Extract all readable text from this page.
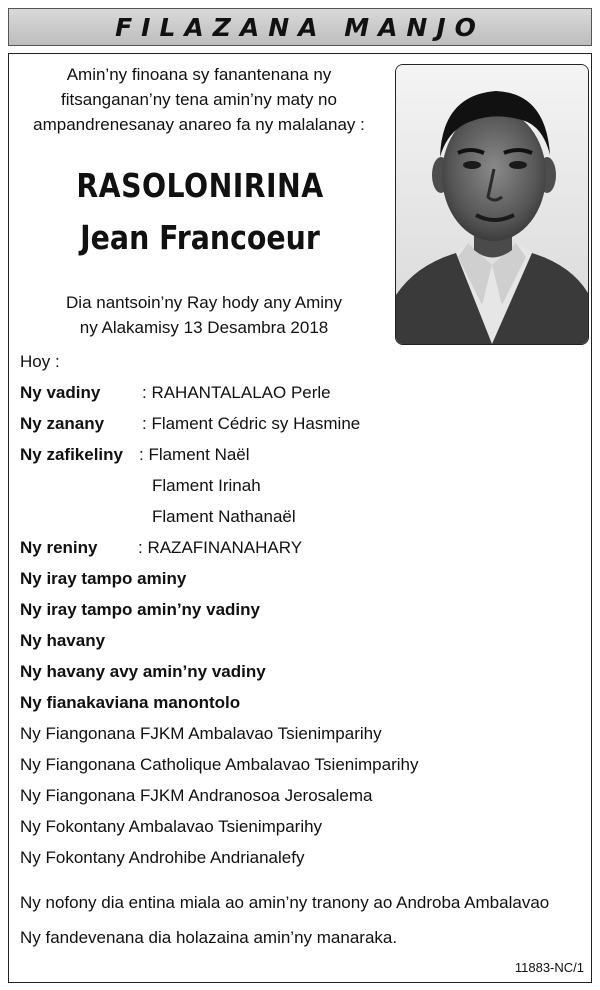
FILAZANA MANJO
Amin’ny finoana sy fanantenana ny
fitsanganan’ny tena amin’ny maty no
ampandrenesanay anareo fa ny malalanay :
RASOLONIRINA
Jean Francoeur
Dia nantsoin’ny Ray hody any Aminy
ny Alakamisy 13 Desambra 2018
Hoy :
Ny vadiny : RAHANTALALAO Perle
Ny zanany : Flament Cédric sy Hasmine
Ny zafikeliny : Flament Naël
Flament Irinah
Flament Nathanaël
Ny reniny : RAZAFINANAHARY
Ny iray tampo aminy
Ny iray tampo amin’ny vadiny
Ny havany
Ny havany avy amin’ny vadiny
Ny fianakaviana manontolo
Ny Fiangonana FJKM Ambalavao Tsienimparihy
Ny Fiangonana Catholique Ambalavao Tsienimparihy
Ny Fiangonana FJKM Andranosoa Jerosalema
Ny Fokontany Ambalavao Tsienimparihy
Ny Fokontany Androhibe Andrianalefy
Ny nofony dia entina miala ao amin’ny tranony ao Androba Ambalavao
Ny fandevenana dia holazaina amin’ny manaraka.
11883-NC/1
